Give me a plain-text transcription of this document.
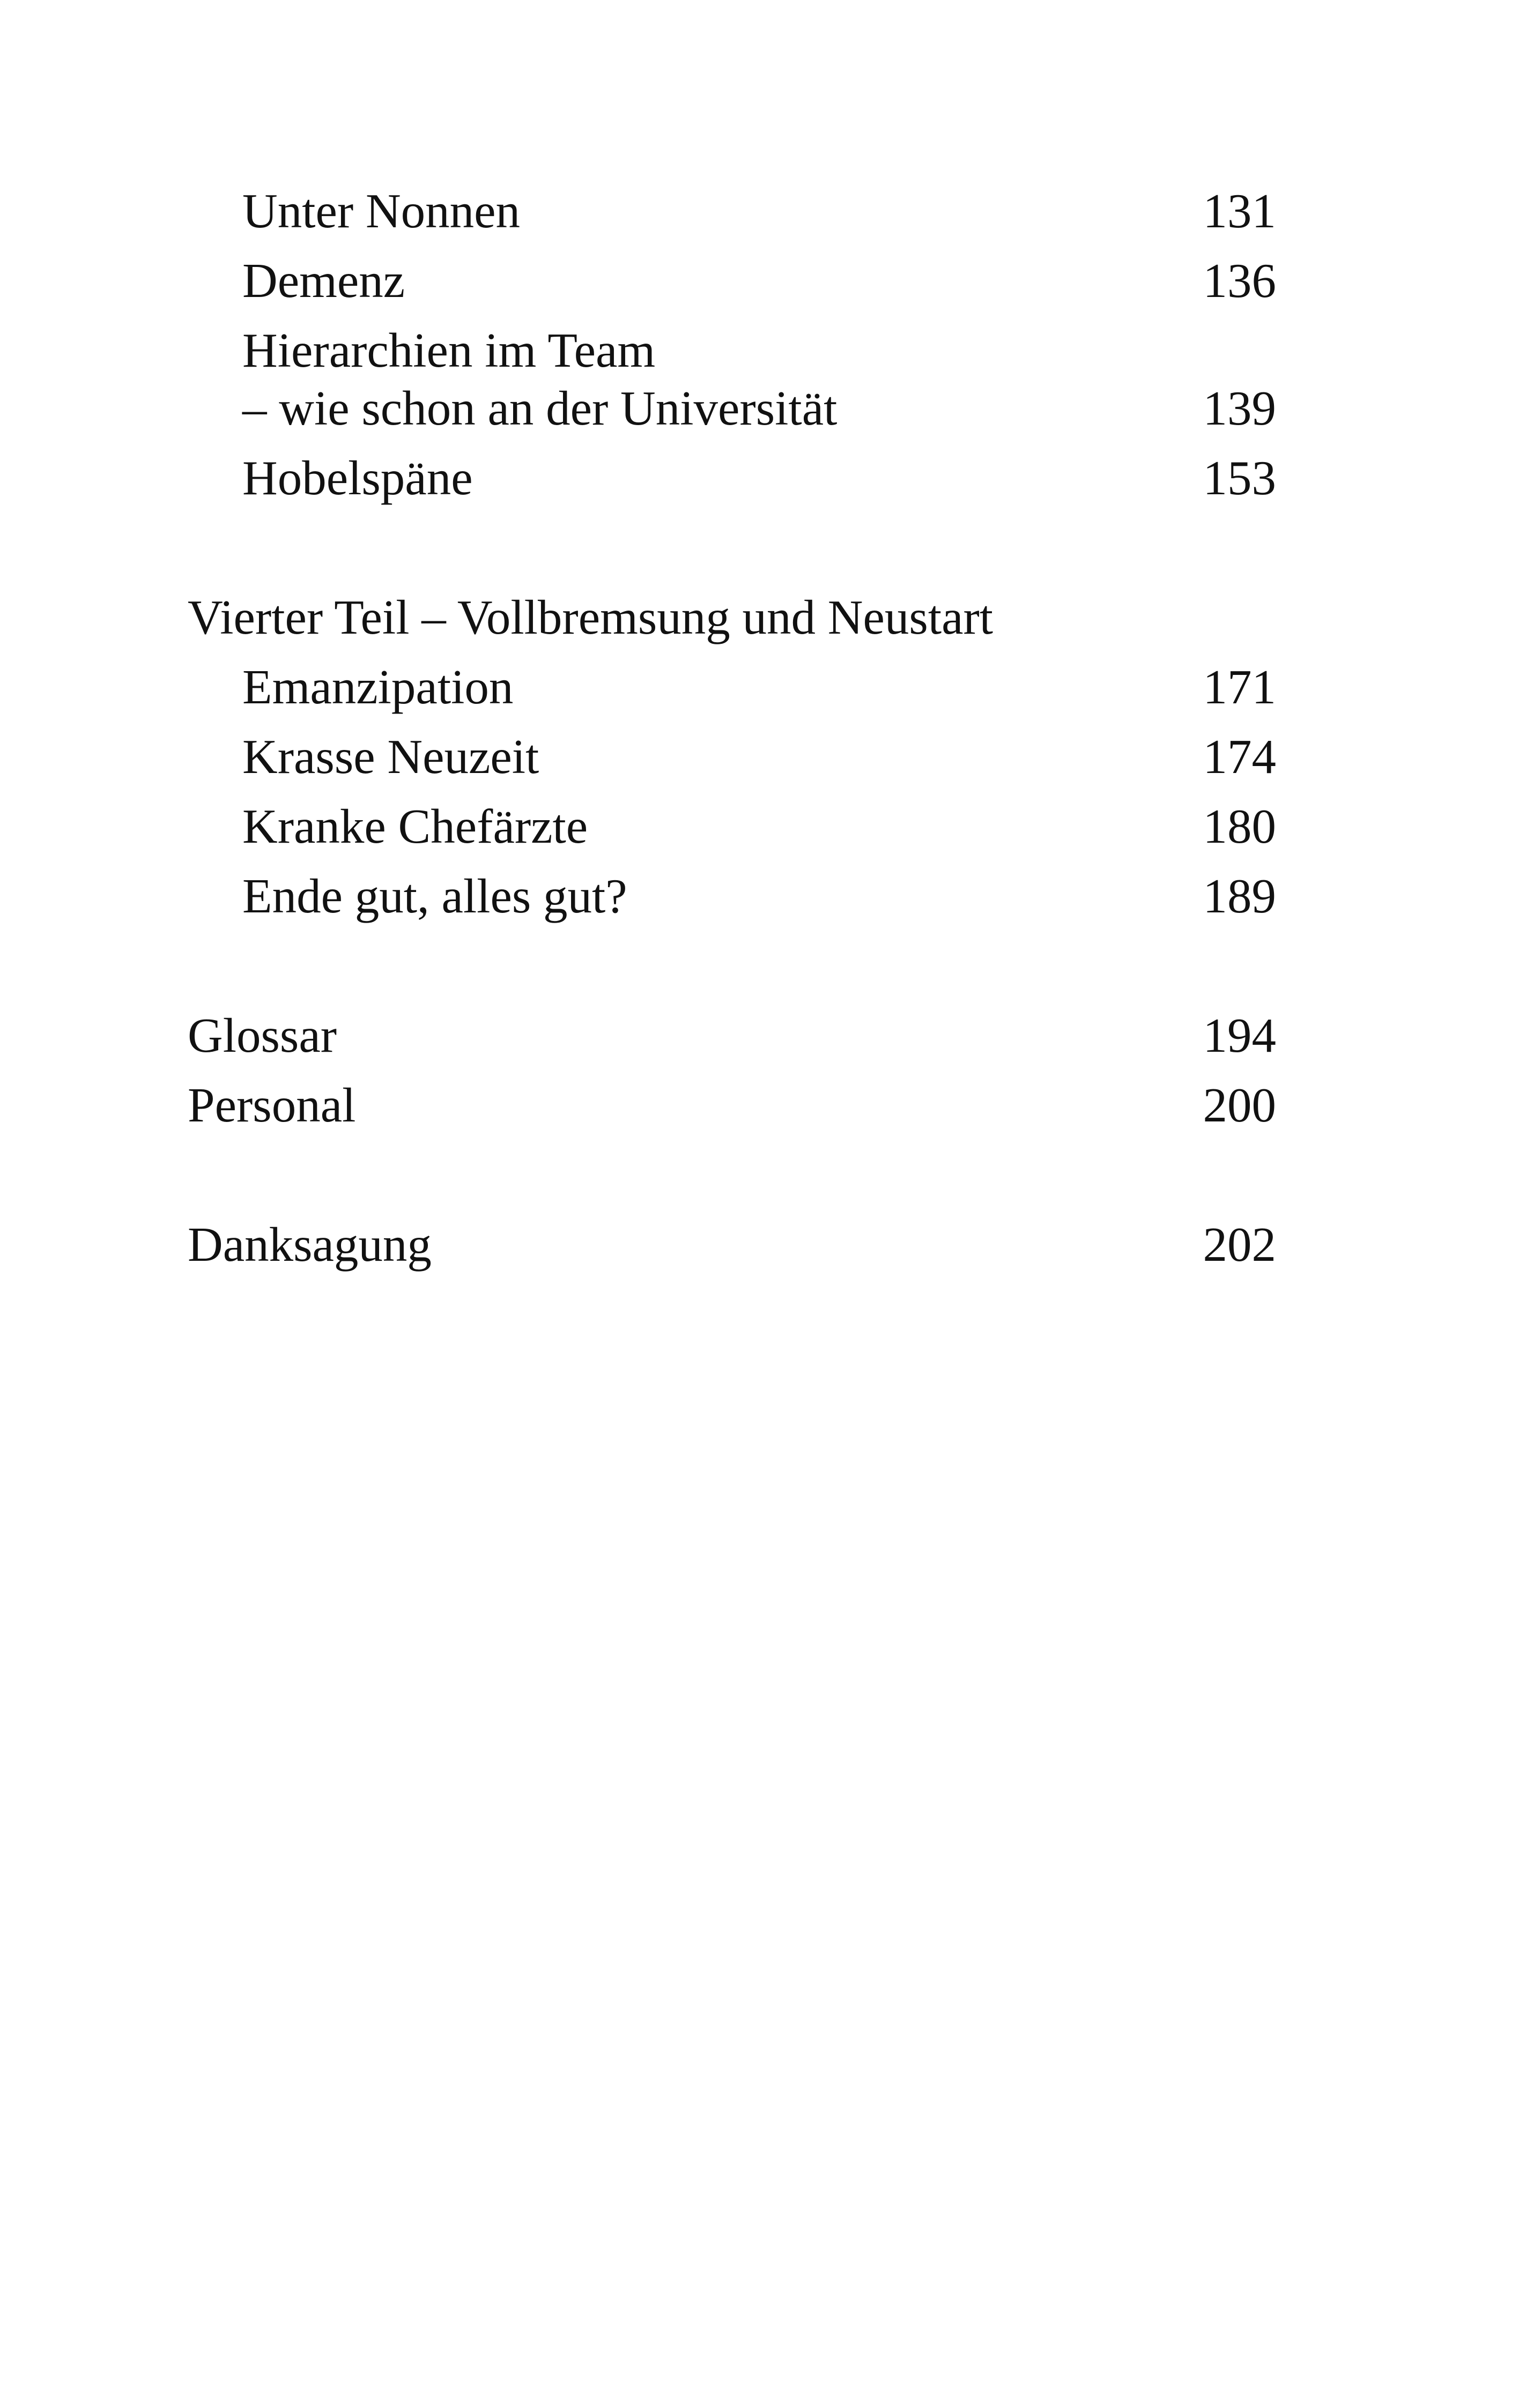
Unter Nonnen	131
Demenz	136
Hierarchien im Team
– wie schon an der Universität	139
Hobelspäne	153
Vierter Teil – Vollbremsung und Neustart
Emanzipation	171
Krasse Neuzeit	174
Kranke Chefärzte	180
Ende gut, alles gut?	189
Glossar	194
Personal	200
Danksagung	202
